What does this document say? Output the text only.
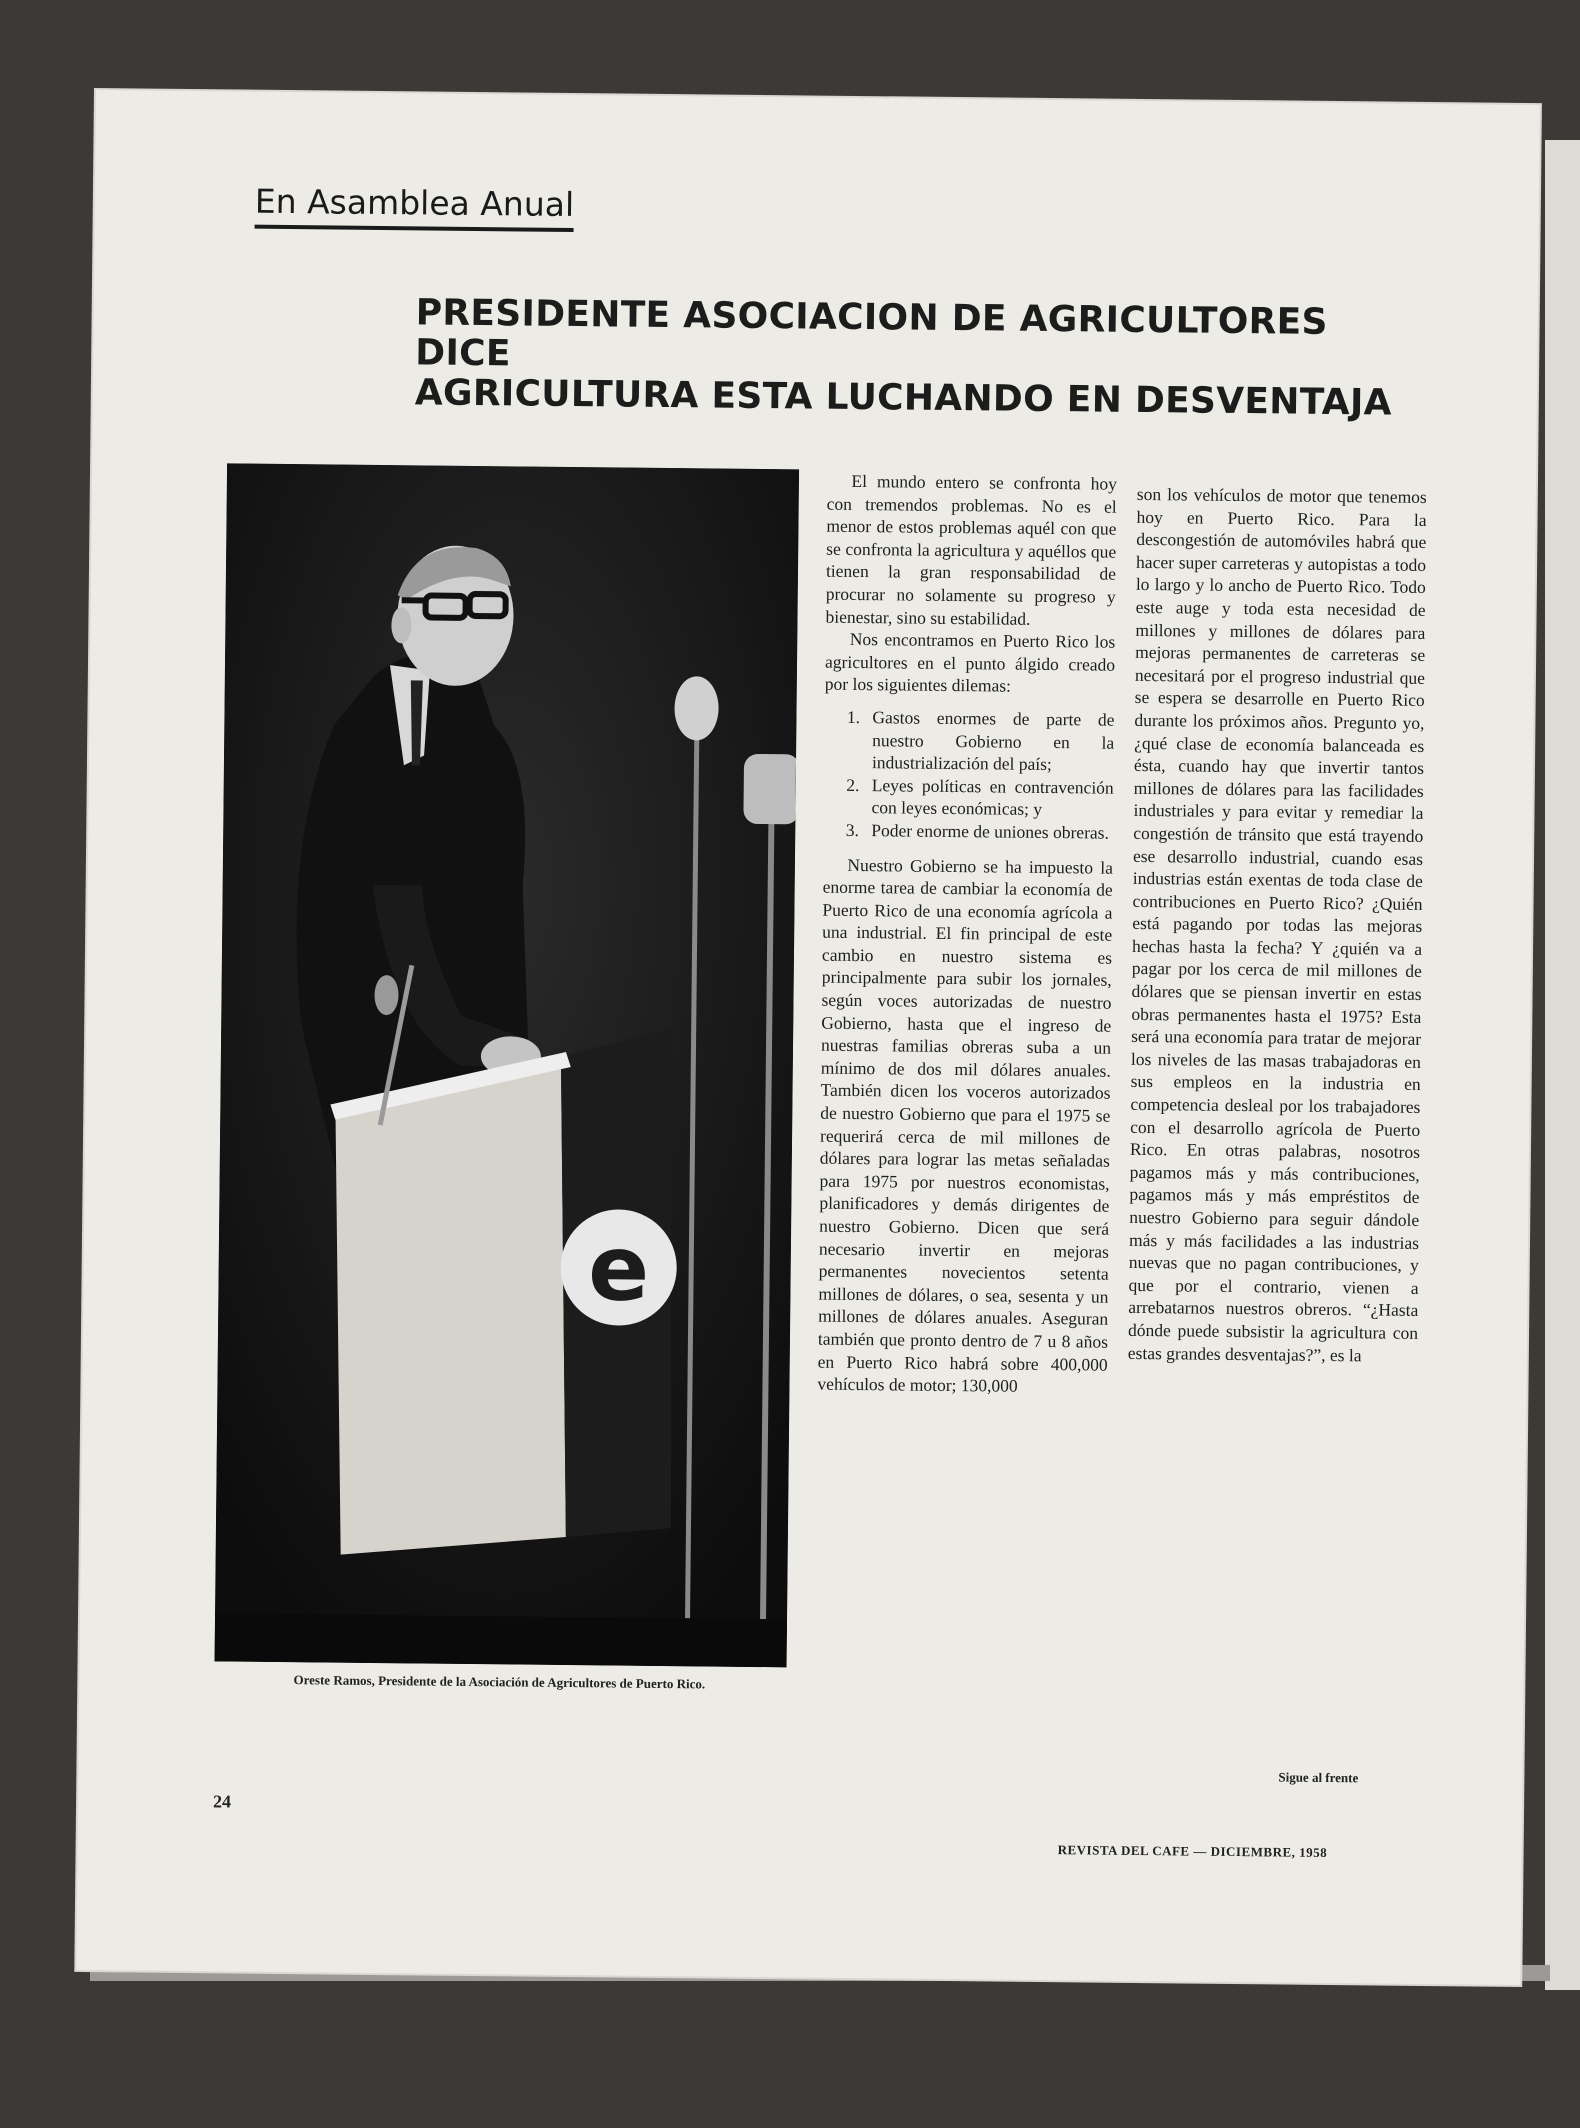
En Asamblea Anual
PRESIDENTE ASOCIACION DE AGRICULTORES DICE
AGRICULTURA ESTA LUCHANDO EN DESVENTAJA
e
Oreste Ramos, Presidente de la Asociación de Agricultores de Puerto Rico.

El mundo entero se confronta hoy con tremendos problemas. No es el menor de estos problemas aquél con que se confronta la agricultura y aquéllos que tienen la gran responsabilidad de procurar no solamente su progreso y bienestar, sino su estabilidad.

Nos encontramos en Puerto Rico los agricultores en el punto álgido creado por los siguientes dilemas:

1. Gastos enormes de parte de nuestro Gobierno en la industrialización del país;
2. Leyes políticas en contravención con leyes económicas; y
3. Poder enorme de uniones obreras.

Nuestro Gobierno se ha impuesto la enorme tarea de cambiar la economía de Puerto Rico de una economía agrícola a una industrial. El fin principal de este cambio en nuestro sistema es principalmente para subir los jornales, según voces autorizadas de nuestro Gobierno, hasta que el ingreso de nuestras familias obreras suba a un mínimo de dos mil dólares anuales. También dicen los voceros autorizados de nuestro Gobierno que para el 1975 se requerirá cerca de mil millones de dólares para lograr las metas señaladas para 1975 por nuestros economistas, planificadores y demás dirigentes de nuestro Gobierno. Dicen que será necesario invertir en mejoras permanentes novecientos setenta millones de dólares, o sea, sesenta y un millones de dólares anuales. Aseguran también que pronto dentro de 7 u 8 años en Puerto Rico habrá sobre 400,000 vehículos de motor; 130,000

son los vehículos de motor que tenemos hoy en Puerto Rico. Para la descongestión de automóviles habrá que hacer super carreteras y autopistas a todo lo largo y lo ancho de Puerto Rico. Todo este auge y toda esta necesidad de millones y millones de dólares para mejoras permanentes de carreteras se necesitará por el progreso industrial que se espera se desarrolle en Puerto Rico durante los próximos años. Pregunto yo, ¿qué clase de economía balanceada es ésta, cuando hay que invertir tantos millones de dólares para las facilidades industriales y para evitar y remediar la congestión de tránsito que está trayendo ese desarrollo industrial, cuando esas industrias están exentas de toda clase de contribuciones en Puerto Rico? ¿Quién está pagando por todas las mejoras hechas hasta la fecha? Y ¿quién va a pagar por los cerca de mil millones de dólares que se piensan invertir en estas obras permanentes hasta el 1975? Esta será una economía para tratar de mejorar los niveles de las masas trabajadoras en sus empleos en la industria en competencia desleal por los trabajadores con el desarrollo agrícola de Puerto Rico. En otras palabras, nosotros pagamos más y más contribuciones, pagamos más y más empréstitos de nuestro Gobierno para seguir dándole más y más facilidades a las industrias nuevas que no pagan contribuciones, y que por el contrario, vienen a arrebatarnos nuestros obreros. “¿Hasta dónde puede subsistir la agricultura con estas grandes desventajas?”, es la

Sigue al frente
24
REVISTA DEL CAFE — DICIEMBRE, 1958
